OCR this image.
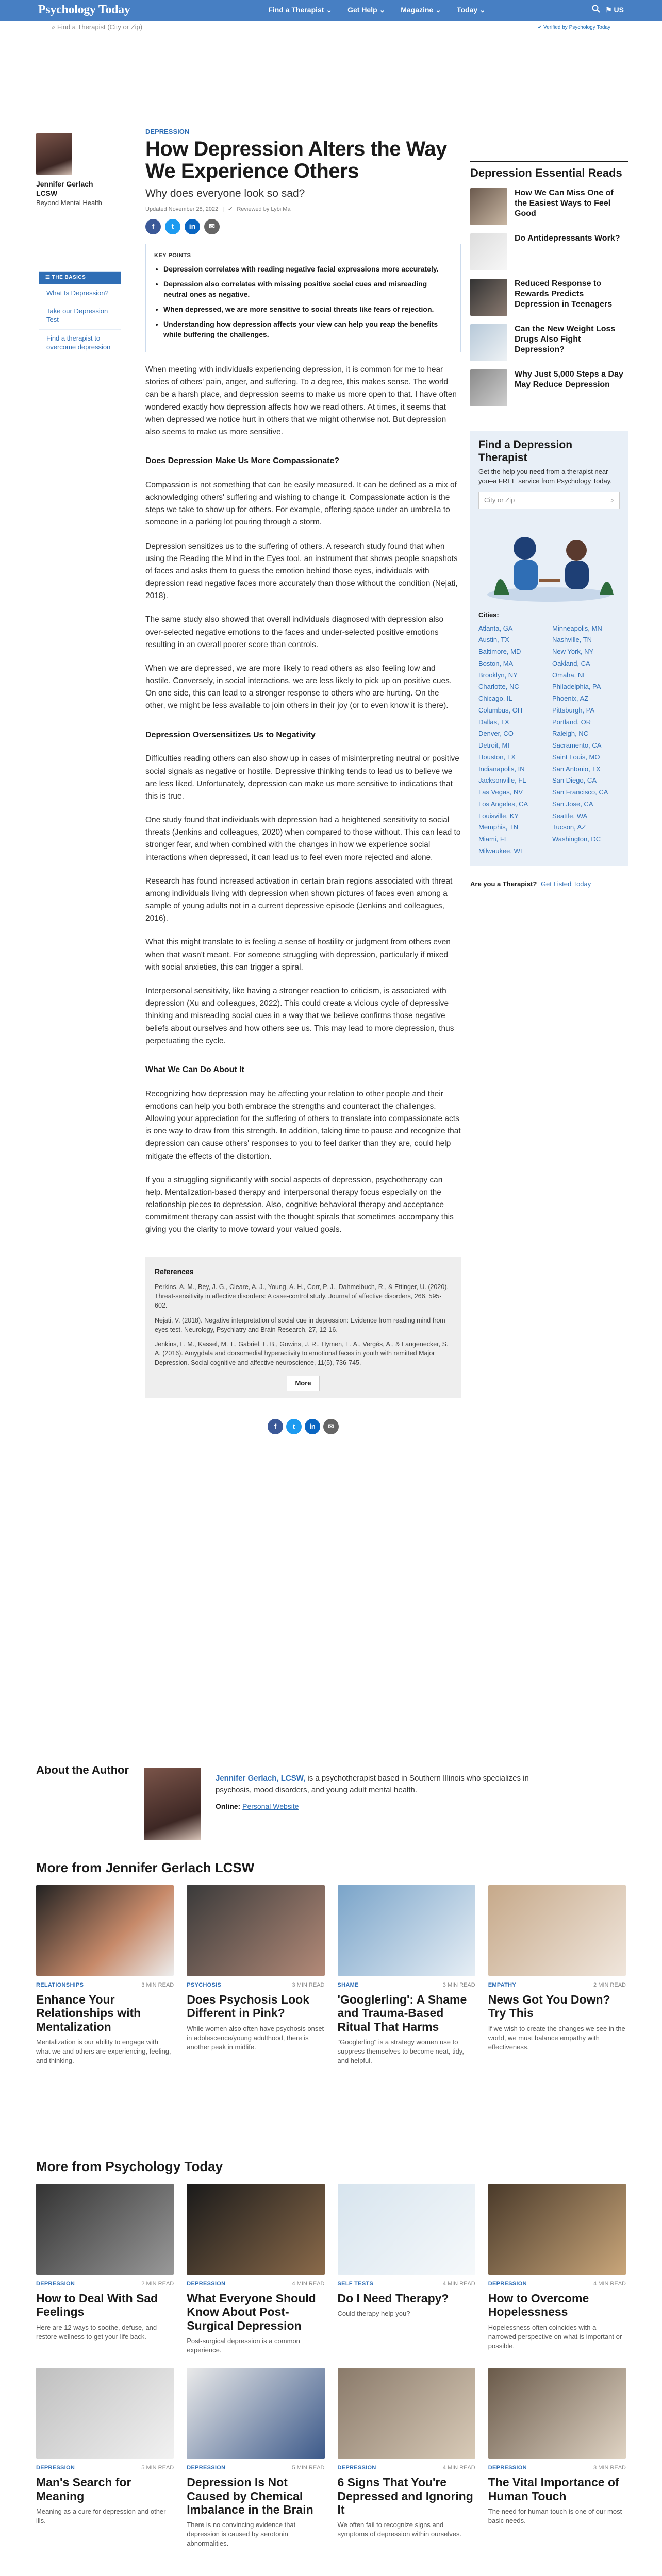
Psychology Today	Find a Therapist ⌄ Get Help ⌄ Magazine ⌄ Today ⌄	⚑ US
⌕ Find a Therapist (City or Zip)	✔ Verified by Psychology Today
Jennifer Gerlach LCSW
Beyond Mental Health
☰ THE BASICS
What Is Depression?
Take our Depression Test
Find a therapist to overcome depression
DEPRESSION
How Depression Alters the Way We Experience Others
Why does everyone look so sad?
Updated November 28, 2022 | ✔ Reviewed by Lybi Ma
f	t	in	✉
KEY POINTS
• Depression correlates with reading negative facial expressions more accurately.
• Depression also correlates with missing positive social cues and misreading neutral ones as negative.
• When depressed, we are more sensitive to social threats like fears of rejection.
• Understanding how depression affects your view can help you reap the benefits while buffering the challenges.

When meeting with individuals experiencing depression, it is common for me to hear stories of others' pain, anger, and suffering. To a degree, this makes sense. The world can be a harsh place, and depression seems to make us more open to that. I have often wondered exactly how depression affects how we read others. At times, it seems that when depressed we notice hurt in others that we might otherwise not. But depression also seems to make us more sensitive.

Does Depression Make Us More Compassionate?

Compassion is not something that can be easily measured. It can be defined as a mix of acknowledging others' suffering and wishing to change it. Compassionate action is the steps we take to show up for others. For example, offering space under an umbrella to someone in a parking lot pouring through a storm.

Depression sensitizes us to the suffering of others. A research study found that when using the Reading the Mind in the Eyes tool, an instrument that shows people snapshots of faces and asks them to guess the emotion behind those eyes, individuals with depression read negative faces more accurately than those without the condition (Nejati, 2018).

The same study also showed that overall individuals diagnosed with depression also over-selected negative emotions to the faces and under-selected positive emotions resulting in an overall poorer score than controls.

When we are depressed, we are more likely to read others as also feeling low and hostile. Conversely, in social interactions, we are less likely to pick up on positive cues. On one side, this can lead to a stronger response to others who are hurting. On the other, we might be less available to join others in their joy (or to even know it is there).

Depression Oversensitizes Us to Negativity

Difficulties reading others can also show up in cases of misinterpreting neutral or positive social signals as negative or hostile. Depressive thinking tends to lead us to believe we are less liked. Unfortunately, depression can make us more sensitive to indications that this is true.

One study found that individuals with depression had a heightened sensitivity to social threats (Jenkins and colleagues, 2020) when compared to those without. This can lead to stronger fear, and when combined with the changes in how we experience social interactions when depressed, it can lead us to feel even more rejected and alone.

Research has found increased activation in certain brain regions associated with threat among individuals living with depression when shown pictures of faces even among a sample of young adults not in a current depressive episode (Jenkins and colleagues, 2016).

What this might translate to is feeling a sense of hostility or judgment from others even when that wasn't meant. For someone struggling with depression, particularly if mixed with social anxieties, this can trigger a spiral.

Interpersonal sensitivity, like having a stronger reaction to criticism, is associated with depression (Xu and colleagues, 2022). This could create a vicious cycle of depressive thinking and misreading social cues in a way that we believe confirms those negative beliefs about ourselves and how others see us. This may lead to more depression, thus perpetuating the cycle.

What We Can Do About It

Recognizing how depression may be affecting your relation to other people and their emotions can help you both embrace the strengths and counteract the challenges. Allowing your appreciation for the suffering of others to translate into compassionate acts is one way to draw from this strength. In addition, taking time to pause and recognize that depression can cause others' responses to you to feel darker than they are, could help mitigate the effects of the distortion.

If you a struggling significantly with social aspects of depression, psychotherapy can help. Mentalization-based therapy and interpersonal therapy focus especially on the relationship pieces to depression. Also, cognitive behavioral therapy and acceptance commitment therapy can assist with the thought spirals that sometimes accompany this giving you the clarity to move toward your valued goals.

References

Perkins, A. M., Bey, J. G., Cleare, A. J., Young, A. H., Corr, P. J., Dahmelbuch, R., & Ettinger, U. (2020). Threat-sensitivity in affective disorders: A case-control study. Journal of affective disorders, 266, 595-602.

Nejati, V. (2018). Negative interpretation of social cue in depression: Evidence from reading mind from eyes test. Neurology, Psychiatry and Brain Research, 27, 12-16.

Jenkins, L. M., Kassel, M. T., Gabriel, L. B., Gowins, J. R., Hymen, E. A., Vergés, A., & Langenecker, S. A. (2016). Amygdala and dorsomedial hyperactivity to emotional faces in youth with remitted Major Depression. Social cognitive and affective neuroscience, 11(5), 736-745.

More
f	t	in	✉
Depression Essential Reads
How We Can Miss One of the Easiest Ways to Feel Good
Do Antidepressants Work?
Reduced Response to Rewards Predicts Depression in Teenagers
Can the New Weight Loss Drugs Also Fight Depression?
Why Just 5,000 Steps a Day May Reduce Depression
Find a Depression Therapist
Get the help you need from a therapist near you–a FREE service from Psychology Today.
City or Zip	⌕
Cities:
Atlanta, GA	Minneapolis, MN
Austin, TX	Nashville, TN
Baltimore, MD	New York, NY
Boston, MA	Oakland, CA
Brooklyn, NY	Omaha, NE
Charlotte, NC	Philadelphia, PA
Chicago, IL	Phoenix, AZ
Columbus, OH	Pittsburgh, PA
Dallas, TX	Portland, OR
Denver, CO	Raleigh, NC
Detroit, MI	Sacramento, CA
Houston, TX	Saint Louis, MO
Indianapolis, IN	San Antonio, TX
Jacksonville, FL	San Diego, CA
Las Vegas, NV	San Francisco, CA
Los Angeles, CA	San Jose, CA
Louisville, KY	Seattle, WA
Memphis, TN	Tucson, AZ
Miami, FL	Washington, DC
Milwaukee, WI
Are you a Therapist? Get Listed Today
About the Author
Jennifer Gerlach, LCSW, is a psychotherapist based in Southern Illinois who specializes in psychosis, mood disorders, and young adult mental health.
Online: Personal Website
More from Jennifer Gerlach LCSW
RELATIONSHIPS	3 MIN READ
Enhance Your Relationships with Mentalization
Mentalization is our ability to engage with what we and others are experiencing, feeling, and thinking.
PSYCHOSIS	3 MIN READ
Does Psychosis Look Different in Pink?
While women also often have psychosis onset in adolescence/young adulthood, there is another peak in midlife.
SHAME	3 MIN READ
'Googlerling': A Shame and Trauma-Based Ritual That Harms
"Googlerling" is a strategy women use to suppress themselves to become neat, tidy, and helpful.
EMPATHY	2 MIN READ
News Got You Down? Try This
If we wish to create the changes we see in the world, we must balance empathy with effectiveness.
More from Psychology Today
DEPRESSION	2 MIN READ
How to Deal With Sad Feelings
Here are 12 ways to soothe, defuse, and restore wellness to get your life back.
DEPRESSION	4 MIN READ
What Everyone Should Know About Post-Surgical Depression
Post-surgical depression is a common experience.
SELF TESTS	4 MIN READ
Do I Need Therapy?
Could therapy help you?
DEPRESSION	4 MIN READ
How to Overcome Hopelessness
Hopelessness often coincides with a narrowed perspective on what is important or possible.
DEPRESSION	5 MIN READ
Man's Search for Meaning
Meaning as a cure for depression and other ills.
DEPRESSION	5 MIN READ
Depression Is Not Caused by Chemical Imbalance in the Brain
There is no convincing evidence that depression is caused by serotonin abnormalities.
DEPRESSION	4 MIN READ
6 Signs That You're Depressed and Ignoring It
We often fail to recognize signs and symptoms of depression within ourselves.
DEPRESSION	3 MIN READ
The Vital Importance of Human Touch
The need for human touch is one of our most basic needs.
